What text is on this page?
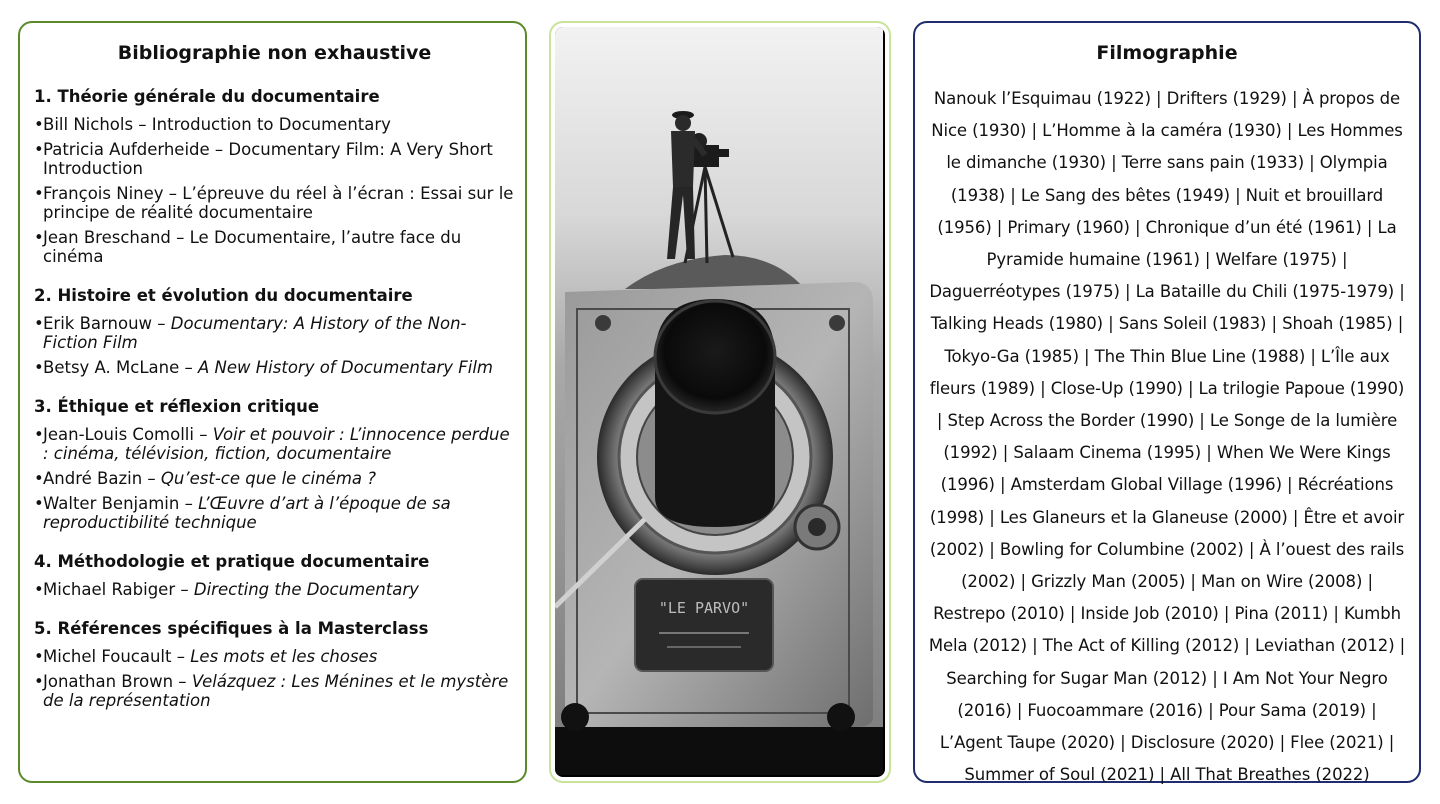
Bibliographie non exhaustive
1. Théorie générale du documentaire
• Bill Nichols – Introduction to Documentary
• Patricia Aufderheide – Documentary Film: A Very Short Introduction
• François Niney – L’épreuve du réel à l’écran : Essai sur le principe de réalité documentaire
• Jean Breschand – Le Documentaire, l’autre face du cinéma
2. Histoire et évolution du documentaire
• Erik Barnouw – Documentary: A History of the Non-Fiction Film
• Betsy A. McLane – A New History of Documentary Film
3. Éthique et réflexion critique
• Jean-Louis Comolli – Voir et pouvoir : L’innocence perdue : cinéma, télévision, fiction, documentaire
• André Bazin – Qu’est-ce que le cinéma ?
• Walter Benjamin – L’Œuvre d’art à l’époque de sa reproductibilité technique
4. Méthodologie et pratique documentaire
• Michael Rabiger – Directing the Documentary
5. Références spécifiques à la Masterclass
• Michel Foucault – Les mots et les choses
• Jonathan Brown – Velázquez : Les Ménines et le mystère de la représentation
"LE PARVO"
Filmographie
Nanouk l’Esquimau (1922) | Drifters (1929) | À propos de Nice (1930) | L’Homme à la caméra (1930) | Les Hommes le dimanche (1930) | Terre sans pain (1933) | Olympia (1938) | Le Sang des bêtes (1949) | Nuit et brouillard (1956) | Primary (1960) | Chronique d’un été (1961) | La Pyramide humaine (1961) | Welfare (1975) | Daguerréotypes (1975) | La Bataille du Chili (1975-1979) | Talking Heads (1980) | Sans Soleil (1983) | Shoah (1985) | Tokyo-Ga (1985) | The Thin Blue Line (1988) | L’Île aux fleurs (1989) | Close-Up (1990) | La trilogie Papoue (1990) | Step Across the Border (1990) | Le Songe de la lumière (1992) | Salaam Cinema (1995) | When We Were Kings (1996) | Amsterdam Global Village (1996) | Récréations (1998) | Les Glaneurs et la Glaneuse (2000) | Être et avoir (2002) | Bowling for Columbine (2002) | À l’ouest des rails (2002) | Grizzly Man (2005) | Man on Wire (2008) | Restrepo (2010) | Inside Job (2010) | Pina (2011) | Kumbh Mela (2012) | The Act of Killing (2012) | Leviathan (2012) | Searching for Sugar Man (2012) | I Am Not Your Negro (2016) | Fuocoammare (2016) | Pour Sama (2019) | L’Agent Taupe (2020) | Disclosure (2020) | Flee (2021) | Summer of Soul (2021) | All That Breathes (2022)
